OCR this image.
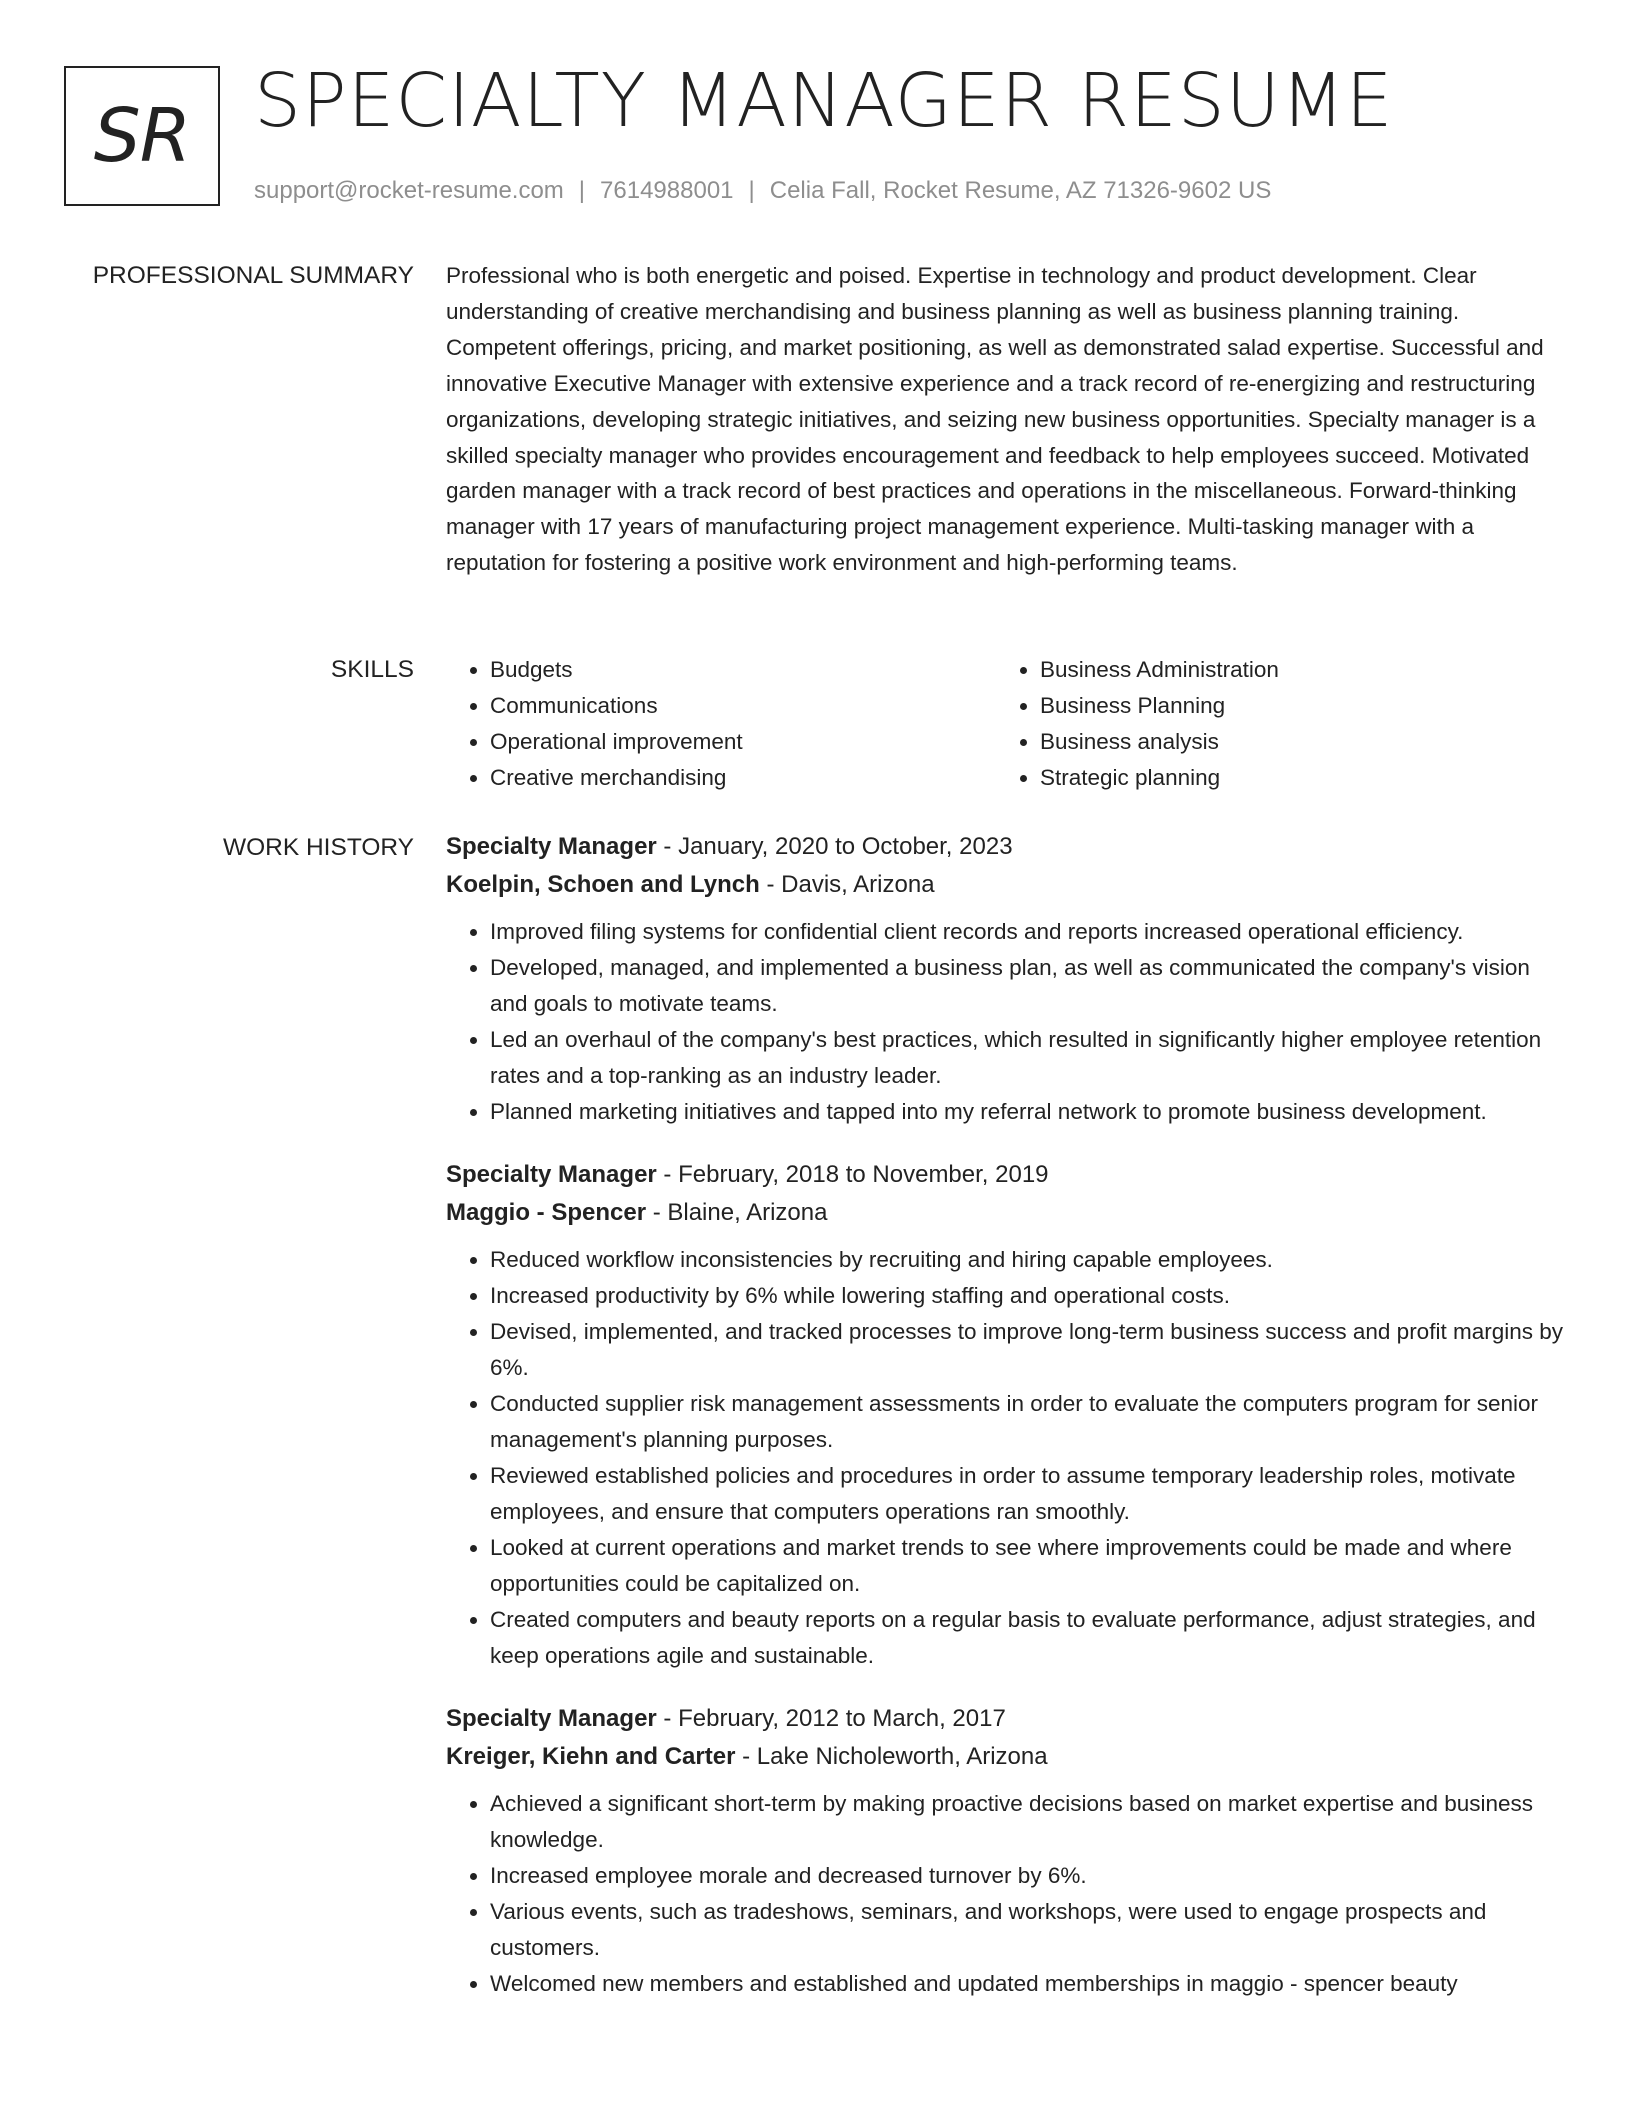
SR SPECIALTY MANAGER RESUME
support@rocket-resume.com | 7614988001 | Celia Fall, Rocket Resume, AZ 71326-9602 US
PROFESSIONAL SUMMARY Professional who is both energetic and poised. Expertise in technology and product development. Clear understanding of creative merchandising and business planning as well as business planning training. Competent offerings, pricing, and market positioning, as well as demonstrated salad expertise. Successful and innovative Executive Manager with extensive experience and a track record of re-energizing and restructuring organizations, developing strategic initiatives, and seizing new business opportunities. Specialty manager is a skilled specialty manager who provides encouragement and feedback to help employees succeed. Motivated garden manager with a track record of best practices and operations in the miscellaneous. Forward-thinking manager with 17 years of manufacturing project management experience. Multi-tasking manager with a reputation for fostering a positive work environment and high-performing teams.

SKILLS
•	Budgets
• Communications
• Operational improvement
• Creative merchandising
• Business Administration
• Business Planning
• Business analysis
• Strategic planning
WORK HISTORY Specialty Manager - January, 2020 to October, 2023

Koelpin, Schoen and Lynch - Davis, Arizona

• Improved filing systems for confidential client records and reports increased operational efficiency.
• Developed, managed, and implemented a business plan, as well as communicated the company's vision and goals to motivate teams.
• Led an overhaul of the company's best practices, which resulted in significantly higher employee retention rates and a top-ranking as an industry leader.
• Planned marketing initiatives and tapped into my referral network to promote business development.

Specialty Manager - February, 2018 to November, 2019

Maggio - Spencer - Blaine, Arizona

• Reduced workflow inconsistencies by recruiting and hiring capable employees.
• Increased productivity by 6% while lowering staffing and operational costs.
• Devised, implemented, and tracked processes to improve long-term business success and profit margins by 6%.
• Conducted supplier risk management assessments in order to evaluate the computers program for senior management's planning purposes.
• Reviewed established policies and procedures in order to assume temporary leadership roles, motivate employees, and ensure that computers operations ran smoothly.
• Looked at current operations and market trends to see where improvements could be made and where opportunities could be capitalized on.
• Created computers and beauty reports on a regular basis to evaluate performance, adjust strategies, and keep operations agile and sustainable.

Specialty Manager - February, 2012 to March, 2017

Kreiger, Kiehn and Carter - Lake Nicholeworth, Arizona

• Achieved a significant short-term by making proactive decisions based on market expertise and business knowledge.
• Increased employee morale and decreased turnover by 6%.
• Various events, such as tradeshows, seminars, and workshops, were used to engage prospects and customers.
• Welcomed new members and established and updated memberships in maggio - spencer beauty
